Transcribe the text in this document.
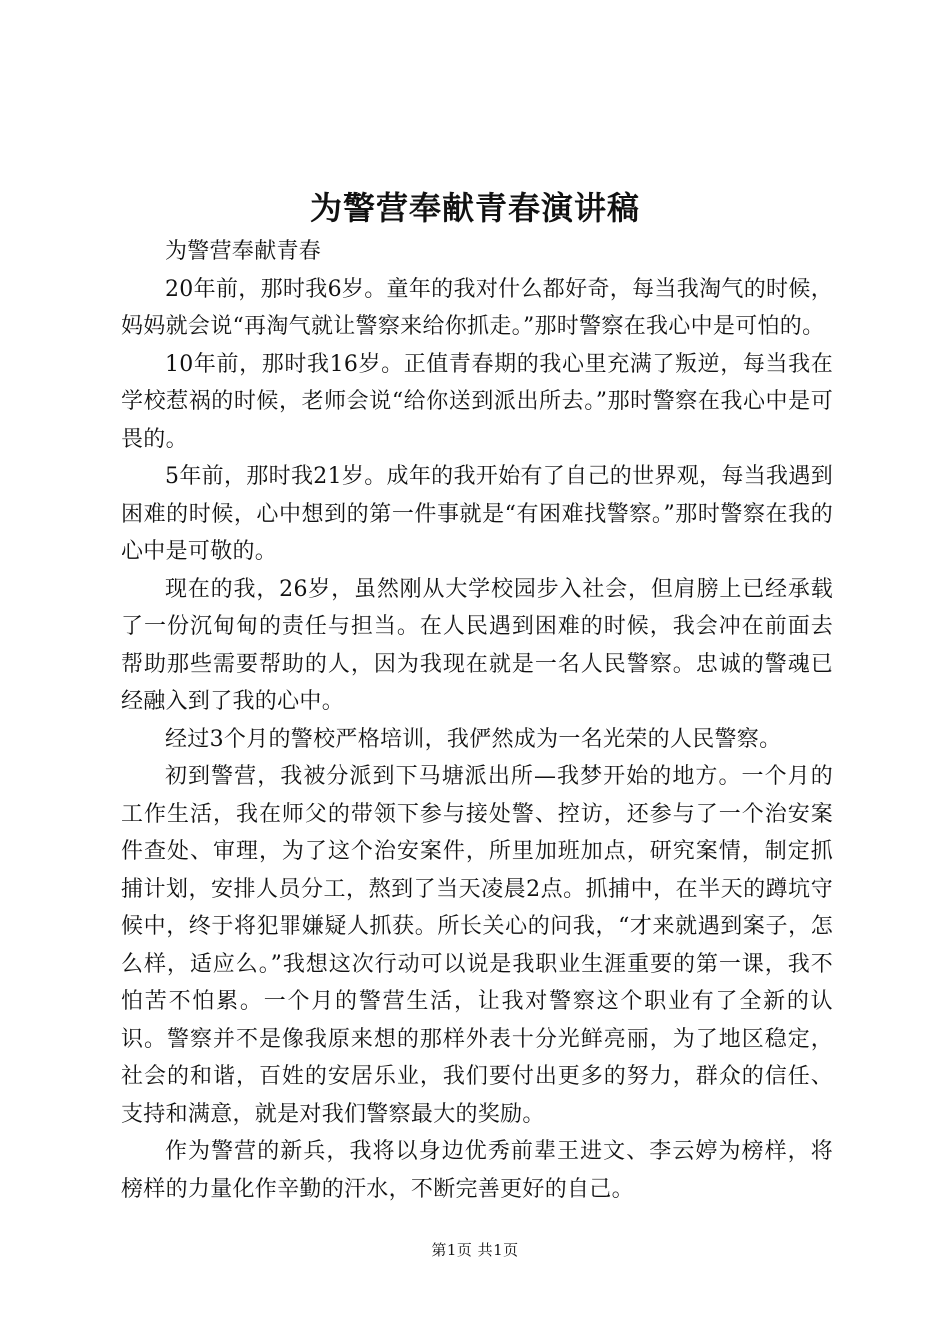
为警营奉献青春演讲稿

为警营奉献青春

20年前，那时我6岁。童年的我对什么都好奇，每当我淘气的时候，妈妈就会说“再淘气就让警察来给你抓走。”那时警察在我心中是可怕的。

10年前，那时我16岁。正值青春期的我心里充满了叛逆，每当我在学校惹祸的时候，老师会说“给你送到派出所去。”那时警察在我心中是可畏的。

5年前，那时我21岁。成年的我开始有了自己的世界观，每当我遇到困难的时候，心中想到的第一件事就是“有困难找警察。”那时警察在我的心中是可敬的。

现在的我，26岁，虽然刚从大学校园步入社会，但肩膀上已经承载了一份沉甸甸的责任与担当。在人民遇到困难的时候，我会冲在前面去帮助那些需要帮助的人，因为我现在就是一名人民警察。忠诚的警魂已经融入到了我的心中。

经过3个月的警校严格培训，我俨然成为一名光荣的人民警察。

初到警营，我被分派到下马塘派出所—我梦开始的地方。一个月的工作生活，我在师父的带领下参与接处警、控访，还参与了一个治安案件查处、审理，为了这个治安案件，所里加班加点，研究案情，制定抓捕计划，安排人员分工，熬到了当天凌晨2点。抓捕中，在半天的蹲坑守候中，终于将犯罪嫌疑人抓获。所长关心的问我，“才来就遇到案子，怎么样，适应么。”我想这次行动可以说是我职业生涯重要的第一课，我不怕苦不怕累。一个月的警营生活，让我对警察这个职业有了全新的认识。警察并不是像我原来想的那样外表十分光鲜亮丽，为了地区稳定，社会的和谐，百姓的安居乐业，我们要付出更多的努力，群众的信任、支持和满意，就是对我们警察最大的奖励。

作为警营的新兵，我将以身边优秀前辈王进文、李云婷为榜样，将榜样的力量化作辛勤的汗水，不断完善更好的自己。

第1页 共1页
